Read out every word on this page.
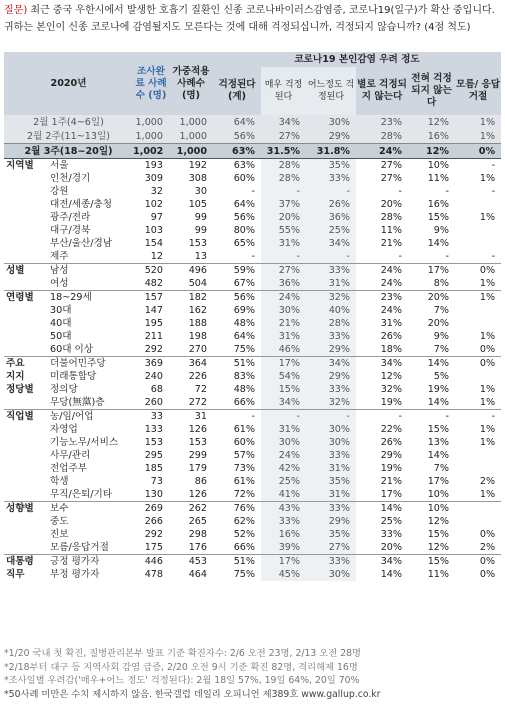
질문) 최근 중국 우한시에서 발생한 호흡기 질환인 신종 코로나바이러스감염증, 코로나19(일구)가 확산 중입니다. 귀하는 본인이 신종 코로나에 감염될지도 모른다는 것에 대해 걱정되십니까, 걱정되지 않습니까? (4점 척도)
2020년		조사완료 사례수 (명)	가중적용 사례수 (명)	코로나19 본인감염 우려 정도					
				걱정된다 (계)	매우 걱정된다	어느정도 걱정된다	별로 걱정되지 않는다	전혀 걱정되지 않는다	모름/ 응답거절

2월 1주(4~6일)		1,000	1,000	64%	34%	30%	23%	12%	1%
2월 2주(11~13일)		1,000	1,000	56%	27%	29%	28%	16%	1%
2월 3주(18~20일)		1,002	1,000	63%	31.5%	31.8%	24%	12%	0%
지역별	서울	193	192	63%	28%	35%	27%	10%	-
	인천/경기	309	308	60%	28%	33%	27%	11%	1%
	강원	32	30	-	-	-	-	-	-
	대전/세종/충청	102	105	64%	37%	26%	20%	16%	
	광주/전라	97	99	56%	20%	36%	28%	15%	1%
	대구/경북	103	99	80%	55%	25%	11%	9%	
	부산/울산/경남	154	153	65%	31%	34%	21%	14%	
	제주	12	13	-	-	-	-	-	-
성별	남성	520	496	59%	27%	33%	24%	17%	0%
	여성	482	504	67%	36%	31%	24%	8%	1%
연령별	18~29세	157	182	56%	24%	32%	23%	20%	1%
	30대	147	162	69%	30%	40%	24%	7%	
	40대	195	188	48%	21%	28%	31%	20%	
	50대	211	198	64%	31%	33%	26%	9%	1%
	60대 이상	292	270	75%	46%	29%	18%	7%	0%
주요	더불어민주당	369	364	51%	17%	34%	34%	14%	0%
지지	미래통합당	240	226	83%	54%	29%	12%	5%	
정당별	정의당	68	72	48%	15%	33%	32%	19%	1%
	무당(無黨)층	260	272	66%	34%	32%	19%	14%	1%
직업별	농/임/어업	33	31	-	-	-	-	-	-
	자영업	133	126	61%	31%	30%	22%	15%	1%
	기능노무/서비스	153	153	60%	30%	30%	26%	13%	1%
	사무/관리	295	299	57%	24%	33%	29%	14%	
	전업주부	185	179	73%	42%	31%	19%	7%	
	학생	73	86	61%	25%	35%	21%	17%	2%
	무직/은퇴/기타	130	126	72%	41%	31%	17%	10%	1%
성향별	보수	269	262	76%	43%	33%	14%	10%	
	중도	266	265	62%	33%	29%	25%	12%	
	진보	292	298	52%	16%	35%	33%	15%	0%
	모름/응답거절	175	176	66%	39%	27%	20%	12%	2%
대통령	긍정 평가자	446	453	51%	17%	33%	34%	15%	0%
직무	부정 평가자	478	464	75%	45%	30%	14%	11%	0%
*1/20 국내 첫 확진, 질병관리본부 발표 기준 확진자수: 2/6 오전 23명, 2/13 오전 28명
*2/18부터 대구 등 지역사회 감염 급증, 2/20 오전 9시 기준 확진 82명, 격리해제 16명
*조사일별 우려감('매우+어느 정도' 걱정된다): 2월 18일 57%, 19일 64%, 20일 70%
*50사례 미만은 수치 제시하지 않음. 한국갤럽 데일리 오피니언 제389호 www.gallup.co.kr
